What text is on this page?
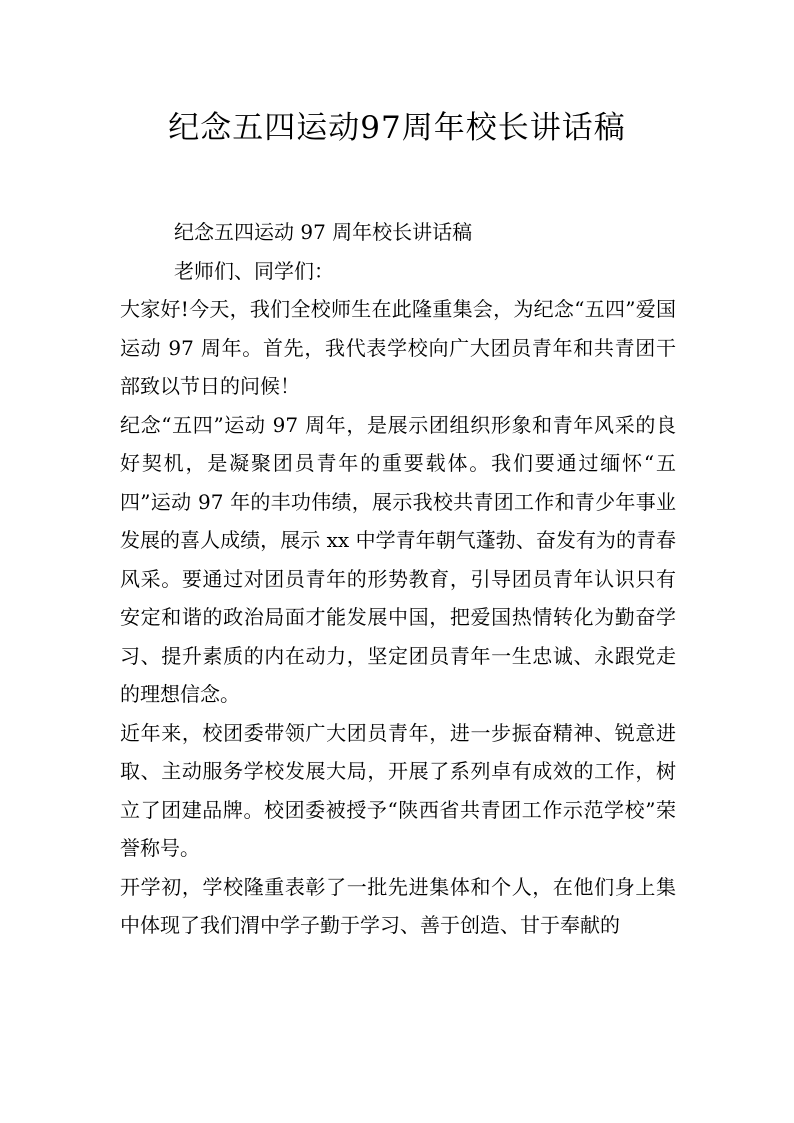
纪念五四运动97周年校长讲话稿

纪念五四运动 97 周年校长讲话稿

老师们、同学们：

大家好!今天，我们全校师生在此隆重集会，为纪念“五四”爱国运动 97 周年。首先，我代表学校向广大团员青年和共青团干部致以节日的问候！

纪念“五四”运动 97 周年，是展示团组织形象和青年风采的良好契机，是凝聚团员青年的重要载体。我们要通过缅怀“五四”运动 97 年的丰功伟绩，展示我校共青团工作和青少年事业发展的喜人成绩，展示 xx 中学青年朝气蓬勃、奋发有为的青春风采。要通过对团员青年的形势教育，引导团员青年认识只有安定和谐的政治局面才能发展中国，把爱国热情转化为勤奋学习、提升素质的内在动力，坚定团员青年一生忠诚、永跟党走的理想信念。

近年来，校团委带领广大团员青年，进一步振奋精神、锐意进取、主动服务学校发展大局，开展了系列卓有成效的工作，树立了团建品牌。校团委被授予“陕西省共青团工作示范学校”荣誉称号。

开学初，学校隆重表彰了一批先进集体和个人，在他们身上集中体现了我们渭中学子勤于学习、善于创造、甘于奉献的
